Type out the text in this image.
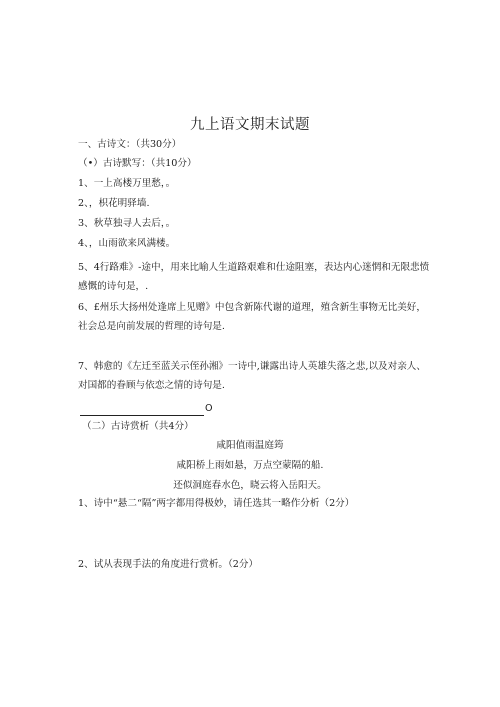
九上语文期末试题
一、古诗文：（共30分）
（•）古诗默写：（共10分）
1、一上高楼万里愁，。
2、，枳花明驿墙.
3、秋草独寻人去后，。
4、，山雨欲来风满楼。
5、4行路难》-途中，用来比喻人生道路艰难和仕途阻塞，表达内心迷惘和无限悲愤感慨的诗句是，.
6、£州乐大扬州处逢席上见赠》中包含新陈代谢的道理，殖含新生事物无比美好，社会总是向前发展的哲理的诗句是.
7、韩愈的《左迁至蓝关示侄孙湘》一诗中,谦露出诗人英雄失落之悲,以及对亲人、对国都的眷顾与依恋之情的诗句是.
O
（二）古诗赏析（共4分）
咸阳值雨温庭筠
咸阳桥上雨如悬，万点空蒙隔的船.
还似洞庭春水色，晓云将入岳阳天。
1、诗中“悬二“隔”两字都用得极妙，请任选其一略作分析（2分）
2、试从表现手法的角度进行赏析。（2分）
